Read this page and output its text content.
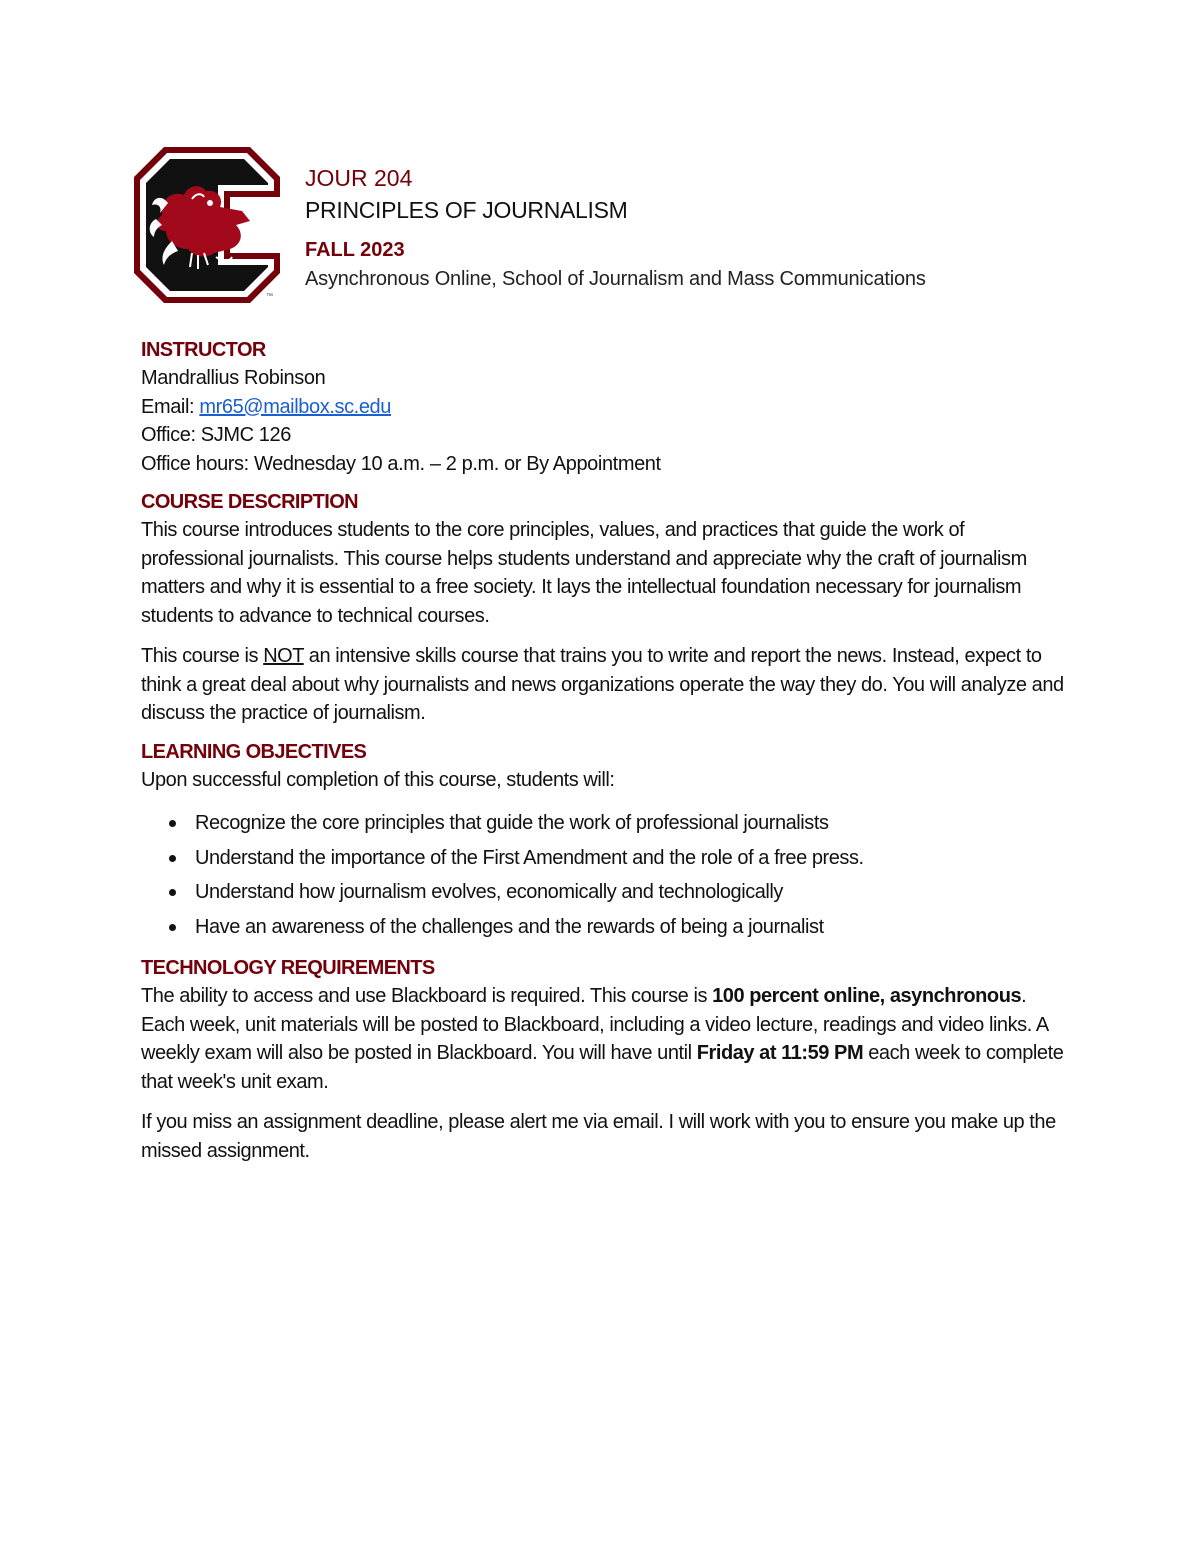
™
JOUR 204
PRINCIPLES OF JOURNALISM
FALL 2023
Asynchronous Online, School of Journalism and Mass Communications
INSTRUCTOR
Mandrallius Robinson
Email: mr65@mailbox.sc.edu
Office: SJMC 126
Office hours: Wednesday 10 a.m. – 2 p.m. or By Appointment
COURSE DESCRIPTION
This course introduces students to the core principles, values, and practices that guide the work of professional journalists. This course helps students understand and appreciate why the craft of journalism matters and why it is essential to a free society. It lays the intellectual foundation necessary for journalism students to advance to technical courses.
This course is NOT an intensive skills course that trains you to write and report the news. Instead, expect to think a great deal about why journalists and news organizations operate the way they do. You will analyze and discuss the practice of journalism.
LEARNING OBJECTIVES
Upon successful completion of this course, students will:
Recognize the core principles that guide the work of professional journalists
Understand the importance of the First Amendment and the role of a free press.
Understand how journalism evolves, economically and technologically
Have an awareness of the challenges and the rewards of being a journalist
TECHNOLOGY REQUIREMENTS
The ability to access and use Blackboard is required. This course is 100 percent online, asynchronous. Each week, unit materials will be posted to Blackboard, including a video lecture, readings and video links. A weekly exam will also be posted in Blackboard. You will have until Friday at 11:59 PM each week to complete that week's unit exam.
If you miss an assignment deadline, please alert me via email. I will work with you to ensure you make up the missed assignment.
